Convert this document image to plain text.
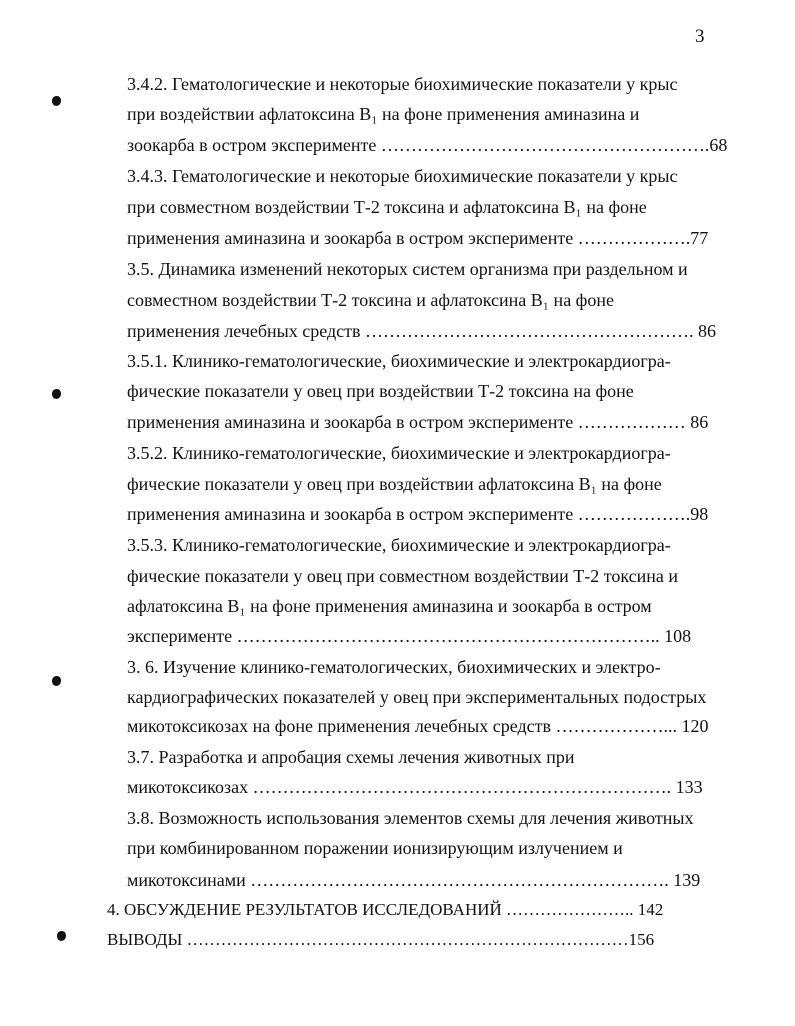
3
3.4.2. Гематологические и некоторые биохимические показатели у крыс
при воздействии афлатоксина В₁ на фоне применения аминазина и
зоокарба в остром эксперименте ……………………………………………….68
3.4.3. Гематологические и некоторые биохимические показатели у крыс
при совместном воздействии Т-2 токсина и афлатоксина В₁ на фоне
применения аминазина и зоокарба в остром эксперименте ……………….77
3.5. Динамика изменений некоторых систем организма при раздельном и
совместном воздействии Т-2 токсина и афлатоксина В₁ на фоне
применения лечебных средств ………………………………………………. 86
3.5.1. Клинико-гематологические, биохимические и электрокардиогра-
фические показатели у овец при воздействии Т-2 токсина на фоне
применения аминазина и зоокарба в остром эксперименте ……………… 86
3.5.2. Клинико-гематологические, биохимические и электрокардиогра-
фические показатели у овец при воздействии афлатоксина В₁ на фоне
применения аминазина и зоокарба в остром эксперименте ……………….98
3.5.3. Клинико-гематологические, биохимические и электрокардиогра-
фические показатели у овец при совместном воздействии Т-2 токсина и
афлатоксина В₁ на фоне применения аминазина и зоокарба в остром
эксперименте …………………………………………………………….. 108
3. 6. Изучение клинико-гематологических, биохимических и электро-
кардиографических показателей у овец при экспериментальных подострых
микотоксикозах на фоне применения лечебных средств ………………... 120
3.7. Разработка и апробация схемы лечения животных при
микотоксикозах ……………………………………………………………. 133
3.8. Возможность использования элементов схемы для лечения животных
при комбинированном поражении ионизирующим излучением и
микотоксинами ……………………………………………………………. 139
4. ОБСУЖДЕНИЕ РЕЗУЛЬТАТОВ ИССЛЕДОВАНИЙ ………………….. 142
ВЫВОДЫ ……………………………………………………………………156
